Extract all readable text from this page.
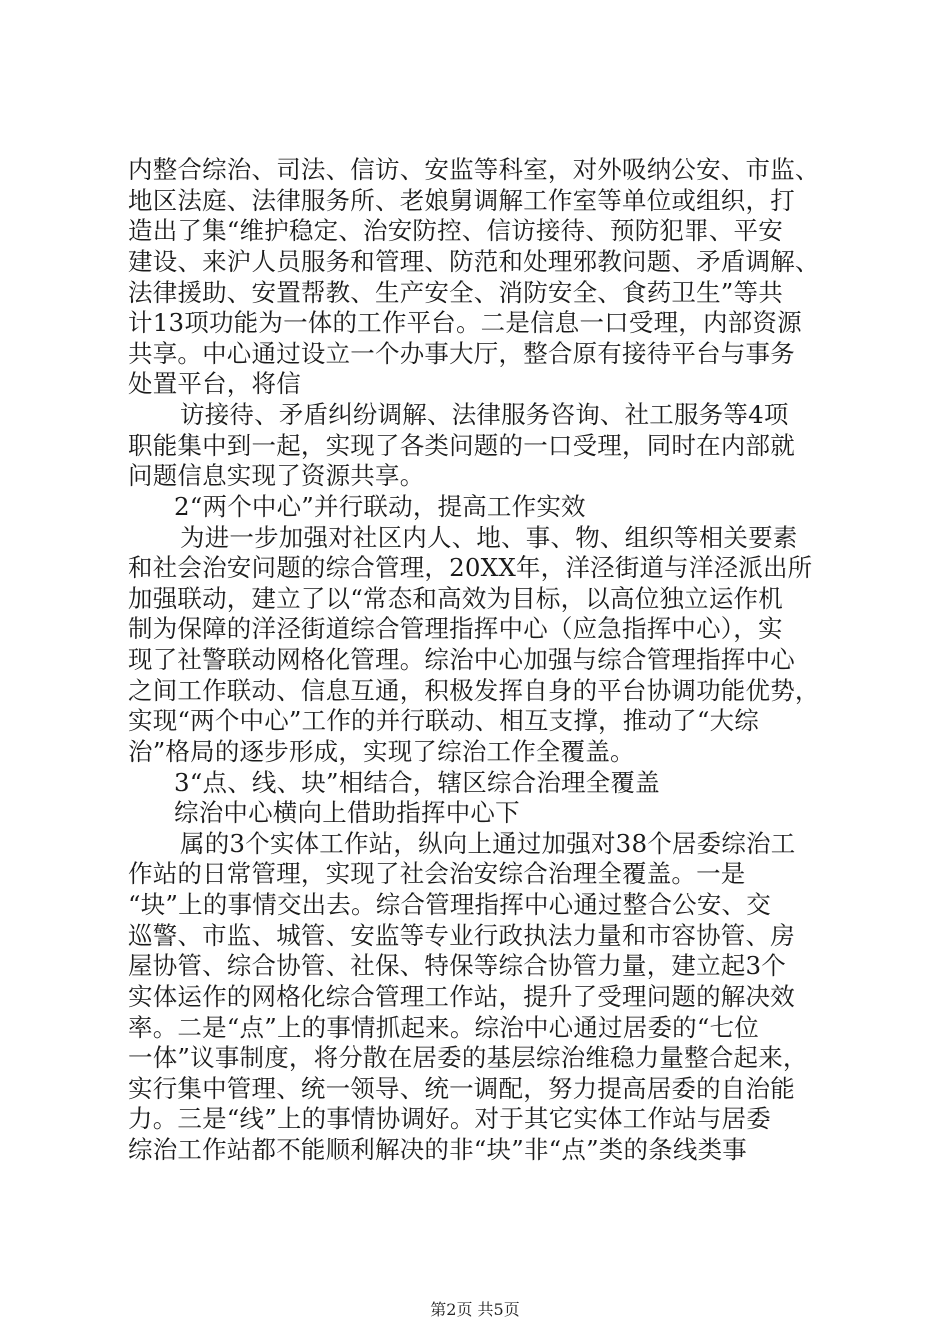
内整合综治、司法、信访、安监等科室，对外吸纳公安、市监、
地区法庭、法律服务所、老娘舅调解工作室等单位或组织，打
造出了集“维护稳定、治安防控、信访接待、预防犯罪、平安
建设、来沪人员服务和管理、防范和处理邪教问题、矛盾调解、
法律援助、安置帮教、生产安全、消防安全、食药卫生”等共
计13项功能为一体的工作平台。二是信息一口受理，内部资源
共享。中心通过设立一个办事大厅，整合原有接待平台与事务
处置平台，将信
访接待、矛盾纠纷调解、法律服务咨询、社工服务等4项
职能集中到一起，实现了各类问题的一口受理，同时在内部就
问题信息实现了资源共享。
2“两个中心”并行联动，提高工作实效
为进一步加强对社区内人、地、事、物、组织等相关要素
和社会治安问题的综合管理，20XX年，洋泾街道与洋泾派出所
加强联动，建立了以“常态和高效为目标，以高位独立运作机
制为保障的洋泾街道综合管理指挥中心（应急指挥中心），实
现了社警联动网格化管理。综治中心加强与综合管理指挥中心
之间工作联动、信息互通，积极发挥自身的平台协调功能优势，
实现“两个中心”工作的并行联动、相互支撑，推动了“大综
治”格局的逐步形成，实现了综治工作全覆盖。
3“点、线、块”相结合，辖区综合治理全覆盖
综治中心横向上借助指挥中心下
属的3个实体工作站，纵向上通过加强对38个居委综治工
作站的日常管理，实现了社会治安综合治理全覆盖。一是
“块”上的事情交出去。综合管理指挥中心通过整合公安、交
巡警、市监、城管、安监等专业行政执法力量和市容协管、房
屋协管、综合协管、社保、特保等综合协管力量，建立起3个
实体运作的网格化综合管理工作站，提升了受理问题的解决效
率。二是“点”上的事情抓起来。综治中心通过居委的“七位
一体”议事制度，将分散在居委的基层综治维稳力量整合起来，
实行集中管理、统一领导、统一调配，努力提高居委的自治能
力。三是“线”上的事情协调好。对于其它实体工作站与居委
综治工作站都不能顺利解决的非“块”非“点”类的条线类事
第2页 共5页
